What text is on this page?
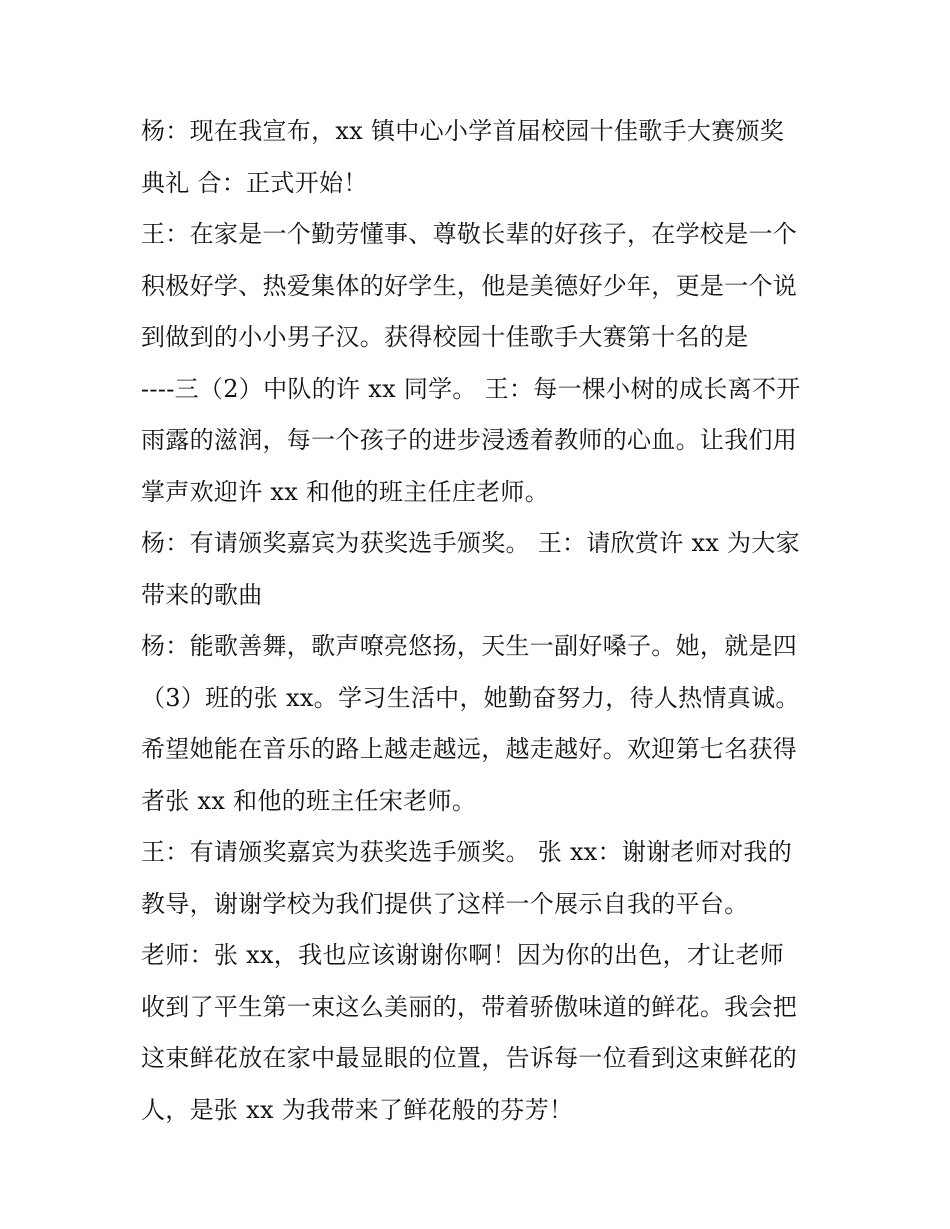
杨：现在我宣布，xx 镇中心小学首届校园十佳歌手大赛颁奖
典礼 合：正式开始！
王：在家是一个勤劳懂事、尊敬长辈的好孩子，在学校是一个
积极好学、热爱集体的好学生，他是美德好少年，更是一个说
到做到的小小男子汉。获得校园十佳歌手大赛第十名的是
----三（2）中队的许 xx 同学。 王：每一棵小树的成长离不开
雨露的滋润，每一个孩子的进步浸透着教师的心血。让我们用
掌声欢迎许 xx 和他的班主任庄老师。
杨：有请颁奖嘉宾为获奖选手颁奖。 王：请欣赏许 xx 为大家
带来的歌曲
杨：能歌善舞，歌声嘹亮悠扬，天生一副好嗓子。她，就是四
（3）班的张 xx。学习生活中，她勤奋努力，待人热情真诚。
希望她能在音乐的路上越走越远，越走越好。欢迎第七名获得
者张 xx 和他的班主任宋老师。
王：有请颁奖嘉宾为获奖选手颁奖。 张 xx：谢谢老师对我的
教导，谢谢学校为我们提供了这样一个展示自我的平台。
老师：张 xx，我也应该谢谢你啊！因为你的出色，才让老师
收到了平生第一束这么美丽的，带着骄傲味道的鲜花。我会把
这束鲜花放在家中最显眼的位置，告诉每一位看到这束鲜花的
人，是张 xx 为我带来了鲜花般的芬芳！
